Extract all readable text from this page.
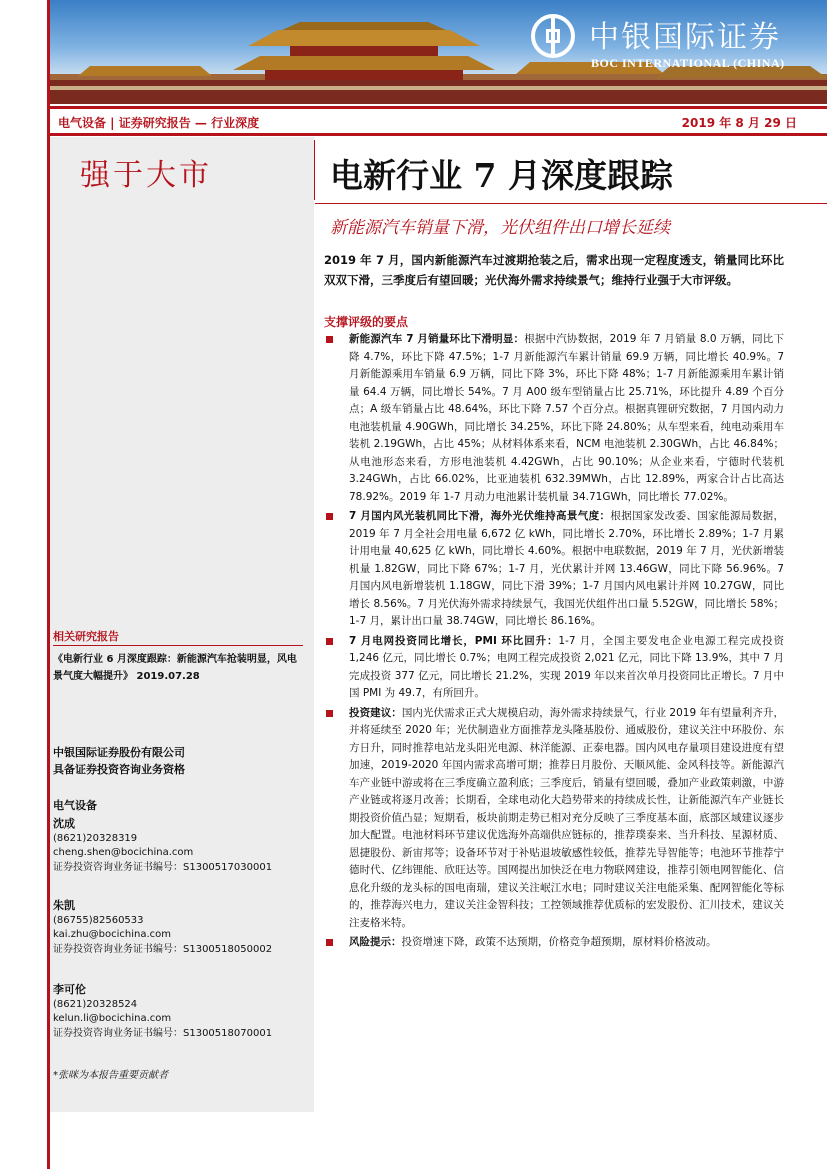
中银国际证券
BOC INTERNATIONAL (CHINA)
电气设备 | 证券研究报告 — 行业深度	2019 年 8 月 29 日
强于大市
相关研究报告
《电新行业 6 月深度跟踪：新能源汽车抢装明显，风电景气度大幅提升》 2019.07.28
中银国际证券股份有限公司
具备证券投资咨询业务资格
电气设备
沈成
(8621)20328319
cheng.shen@bocichina.com
证券投资咨询业务证书编号：S1300517030001
朱凯
(86755)82560533
kai.zhu@bocichina.com
证券投资咨询业务证书编号：S1300518050002
李可伦
(8621)20328524
kelun.li@bocichina.com
证券投资咨询业务证书编号：S1300518070001
*张咪为本报告重要贡献者
电新行业 7 月深度跟踪
新能源汽车销量下滑，光伏组件出口增长延续
2019 年 7 月，国内新能源汽车过渡期抢装之后，需求出现一定程度透支，销量同比环比双双下滑，三季度后有望回暖；光伏海外需求持续景气；维持行业强于大市评级。
支撑评级的要点
新能源汽车 7 月销量环比下滑明显：根据中汽协数据，2019 年 7 月销量 8.0 万辆，同比下降 4.7%，环比下降 47.5%；1-7 月新能源汽车累计销量 69.9 万辆，同比增长 40.9%。7 月新能源乘用车销量 6.9 万辆，同比下降 3%，环比下降 48%；1-7 月新能源乘用车累计销量 64.4 万辆，同比增长 54%。7 月 A00 级车型销量占比 25.71%，环比提升 4.89 个百分点；A 级车销量占比 48.64%，环比下降 7.57 个百分点。根据真锂研究数据，7 月国内动力电池装机量 4.90GWh，同比增长 34.25%，环比下降 24.80%；从车型来看，纯电动乘用车装机 2.19GWh，占比 45%；从材料体系来看，NCM 电池装机 2.30GWh，占比 46.84%；从电池形态来看，方形电池装机 4.42GWh，占比 90.10%；从企业来看，宁德时代装机 3.24GWh，占比 66.02%，比亚迪装机 632.39MWh，占比 12.89%，两家合计占比高达 78.92%。2019 年 1-7 月动力电池累计装机量 34.71GWh，同比增长 77.02%。
7 月国内风光装机同比下滑，海外光伏维持高景气度：根据国家发改委、国家能源局数据，2019 年 7 月全社会用电量 6,672 亿 kWh，同比增长 2.70%，环比增长 2.89%；1-7 月累计用电量 40,625 亿 kWh，同比增长 4.60%。根据中电联数据，2019 年 7 月，光伏新增装机量 1.82GW，同比下降 67%；1-7 月，光伏累计并网 13.46GW，同比下降 56.96%。7 月国内风电新增装机 1.18GW，同比下滑 39%；1-7 月国内风电累计并网 10.27GW，同比增长 8.56%。7 月光伏海外需求持续景气，我国光伏组件出口量 5.52GW，同比增长 58%；1-7 月，累计出口量 38.74GW，同比增长 86.16%。
7 月电网投资同比增长，PMI 环比回升：1-7 月，全国主要发电企业电源工程完成投资 1,246 亿元，同比增长 0.7%；电网工程完成投资 2,021 亿元，同比下降 13.9%，其中 7 月完成投资 377 亿元，同比增长 21.2%，实现 2019 年以来首次单月投资同比正增长。7 月中国 PMI 为 49.7，有所回升。
投资建议：国内光伏需求正式大规模启动，海外需求持续景气，行业 2019 年有望量利齐升，并将延续至 2020 年；光伏制造业方面推荐龙头隆基股份、通威股份，建议关注中环股份、东方日升，同时推荐电站龙头阳光电源、林洋能源、正泰电器。国内风电存量项目建设进度有望加速，2019-2020 年国内需求高增可期；推荐日月股份、天顺风能、金风科技等。新能源汽车产业链中游或将在三季度确立盈利底；三季度后，销量有望回暖，叠加产业政策刺激，中游产业链或将逐月改善；长期看，全球电动化大趋势带来的持续成长性，让新能源汽车产业链长期投资价值凸显；短期看，板块前期走势已相对充分反映了三季度基本面，底部区域建议逐步加大配置。电池材料环节建议优选海外高端供应链标的，推荐璞泰来、当升科技、星源材质、恩捷股份、新宙邦等；设备环节对于补贴退坡敏感性较低，推荐先导智能等；电池环节推荐宁德时代、亿纬锂能、欣旺达等。国网提出加快泛在电力物联网建设，推荐引领电网智能化、信息化升级的龙头标的国电南瑞，建议关注岷江水电；同时建议关注电能采集、配网智能化等标的，推荐海兴电力，建议关注金智科技；工控领域推荐优质标的宏发股份、汇川技术，建议关注麦格米特。
风险提示：投资增速下降，政策不达预期，价格竞争超预期，原材料价格波动。
